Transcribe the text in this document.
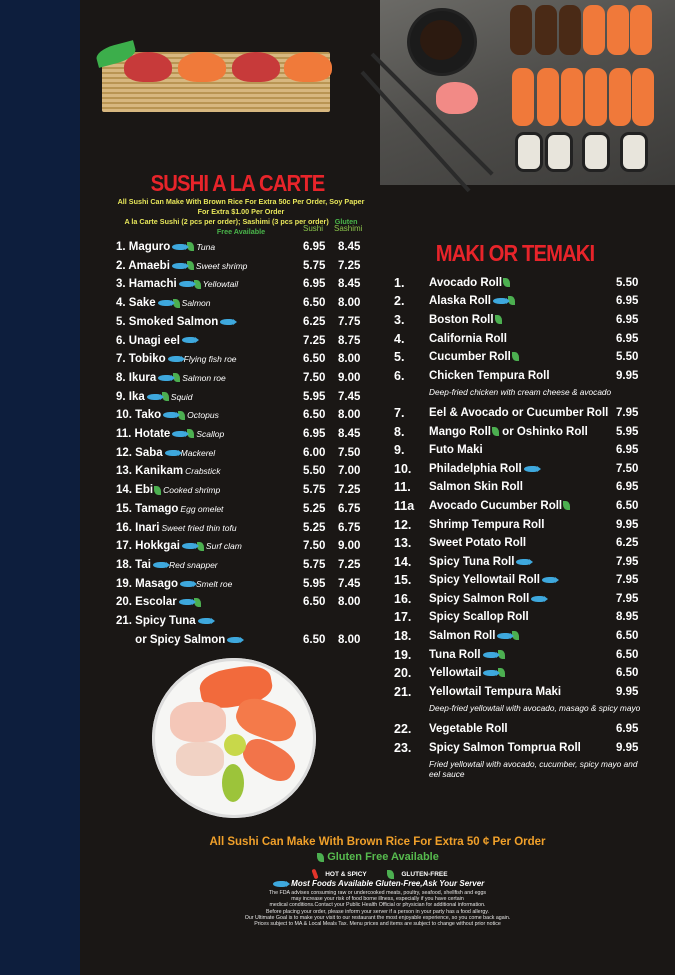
SUSHI A LA CARTE
All Sushi Can Make With Brown Rice For Extra 50c Per Order, Soy Paper For Extra $1.00 Per Order
A la Carte Sushi (2 pcs per order); Sashimi (3 pcs per order) Gluten Free Available	Sushi Sashimi
1. Maguro	Tuna	6.95 8.45
2. Amaebi	Sweet shrimp	5.75 7.25
3. Hamachi	Yellowtail	6.95 8.45
4. Sake	Salmon	6.50 8.00
5. Smoked Salmon	6.25 7.75
6. Unagi eel	7.25 8.75
7. Tobiko Flying fish roe	6.50 8.00
8. Ikura	Salmon roe	7.50 9.00
9. Ika	Squid	5.95 7.45
10. Tako	Octopus	6.50 8.00
11. Hotate	Scallop	6.95 8.45
12. Saba Mackerel	6.00 7.50
13. Kanikam Crabstick	5.50 7.00
14. Ebi Cooked shrimp	5.75 7.25
15. Tamago Egg omelet	5.25 6.75
16. Inari Sweet fried thin tofu	5.25 6.75
17. Hokkgai	Surf clam	7.50 9.00
18. Tai Red snapper	5.75 7.25
19. Masago Smelt roe	5.95 7.45
20. Escolar	6.50 8.00
21. Spicy Tuna
or Spicy Salmon	6.50 8.00
MAKI OR TEMAKI
1. Avocado Roll	5.50
2. Alaska Roll	6.95
3. Boston Roll	6.95
4. California Roll	6.95
5. Cucumber Roll	5.50
6. Chicken Tempura Roll	9.95
7. Eel & Avocado or Cucumber Roll 7.95
8. Mango Roll or Oshinko Roll 5.95
9. Futo Maki	6.95
10. Philadelphia Roll	7.50
11. Salmon Skin Roll	6.95
11a Avocado Cucumber Roll	6.50
12. Shrimp Tempura Roll	9.95
13. Sweet Potato Roll	6.25
14. Spicy Tuna Roll	7.95
15. Spicy Yellowtail Roll	7.95
16. Spicy Salmon Roll	7.95
17. Spicy Scallop Roll	8.95
18. Salmon Roll	6.50
19. Tuna Roll	6.50
20. Yellowtail	6.50
21. Yellowtail Tempura Maki	9.95
22. Vegetable Roll	6.95
23. Spicy Salmon Tomprua Roll	9.95
Deep-fried chicken with cream cheese & avocado
Deep-fried yellowtail with avocado, masago & spicy mayo
Fried yellowtail with avocado, cucumber, spicy mayo and eel sauce
All Sushi Can Make With Brown Rice For Extra 50 ¢ Per Order
Gluten Free Available
HOT & SPICY	GLUTEN-FREE
Most Foods Available Gluten-Free,Ask Your Server
The FDA advises consuming raw or undercooked meats, poultry, seafood, shellfish and eggs
may increase your risk of food borne illness, especially if you have certain
medical conditions.Contact your Public Health Official or physician for additional information.
Before placing your order, please inform your server if a person in your party has a food allergy.
Our Ultimate Goal is to make your visit to our restaurant the most enjoyable experience, so you come back again.
Prices subject to MA & Local Meals Tax. Menu prices and items are subject to change without prior notice
